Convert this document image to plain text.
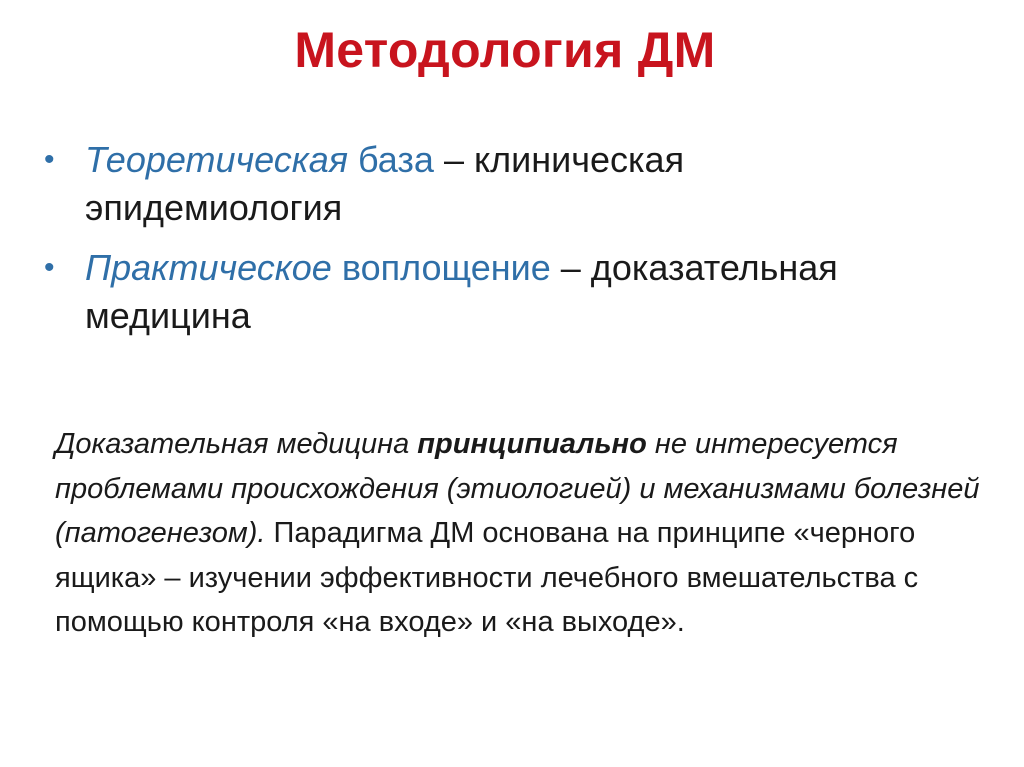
Методология ДМ
• Теоретическая база – клиническая
эпидемиология
• Практическое воплощение – доказательная
медицина
Доказательная медицина принципиально не интересуется проблемами происхождения (этиологией) и механизмами болезней (патогенезом). Парадигма ДМ основана на принципе «черного ящика» – изучении эффективности лечебного вмешательства с помощью контроля «на входе» и «на выходе».
